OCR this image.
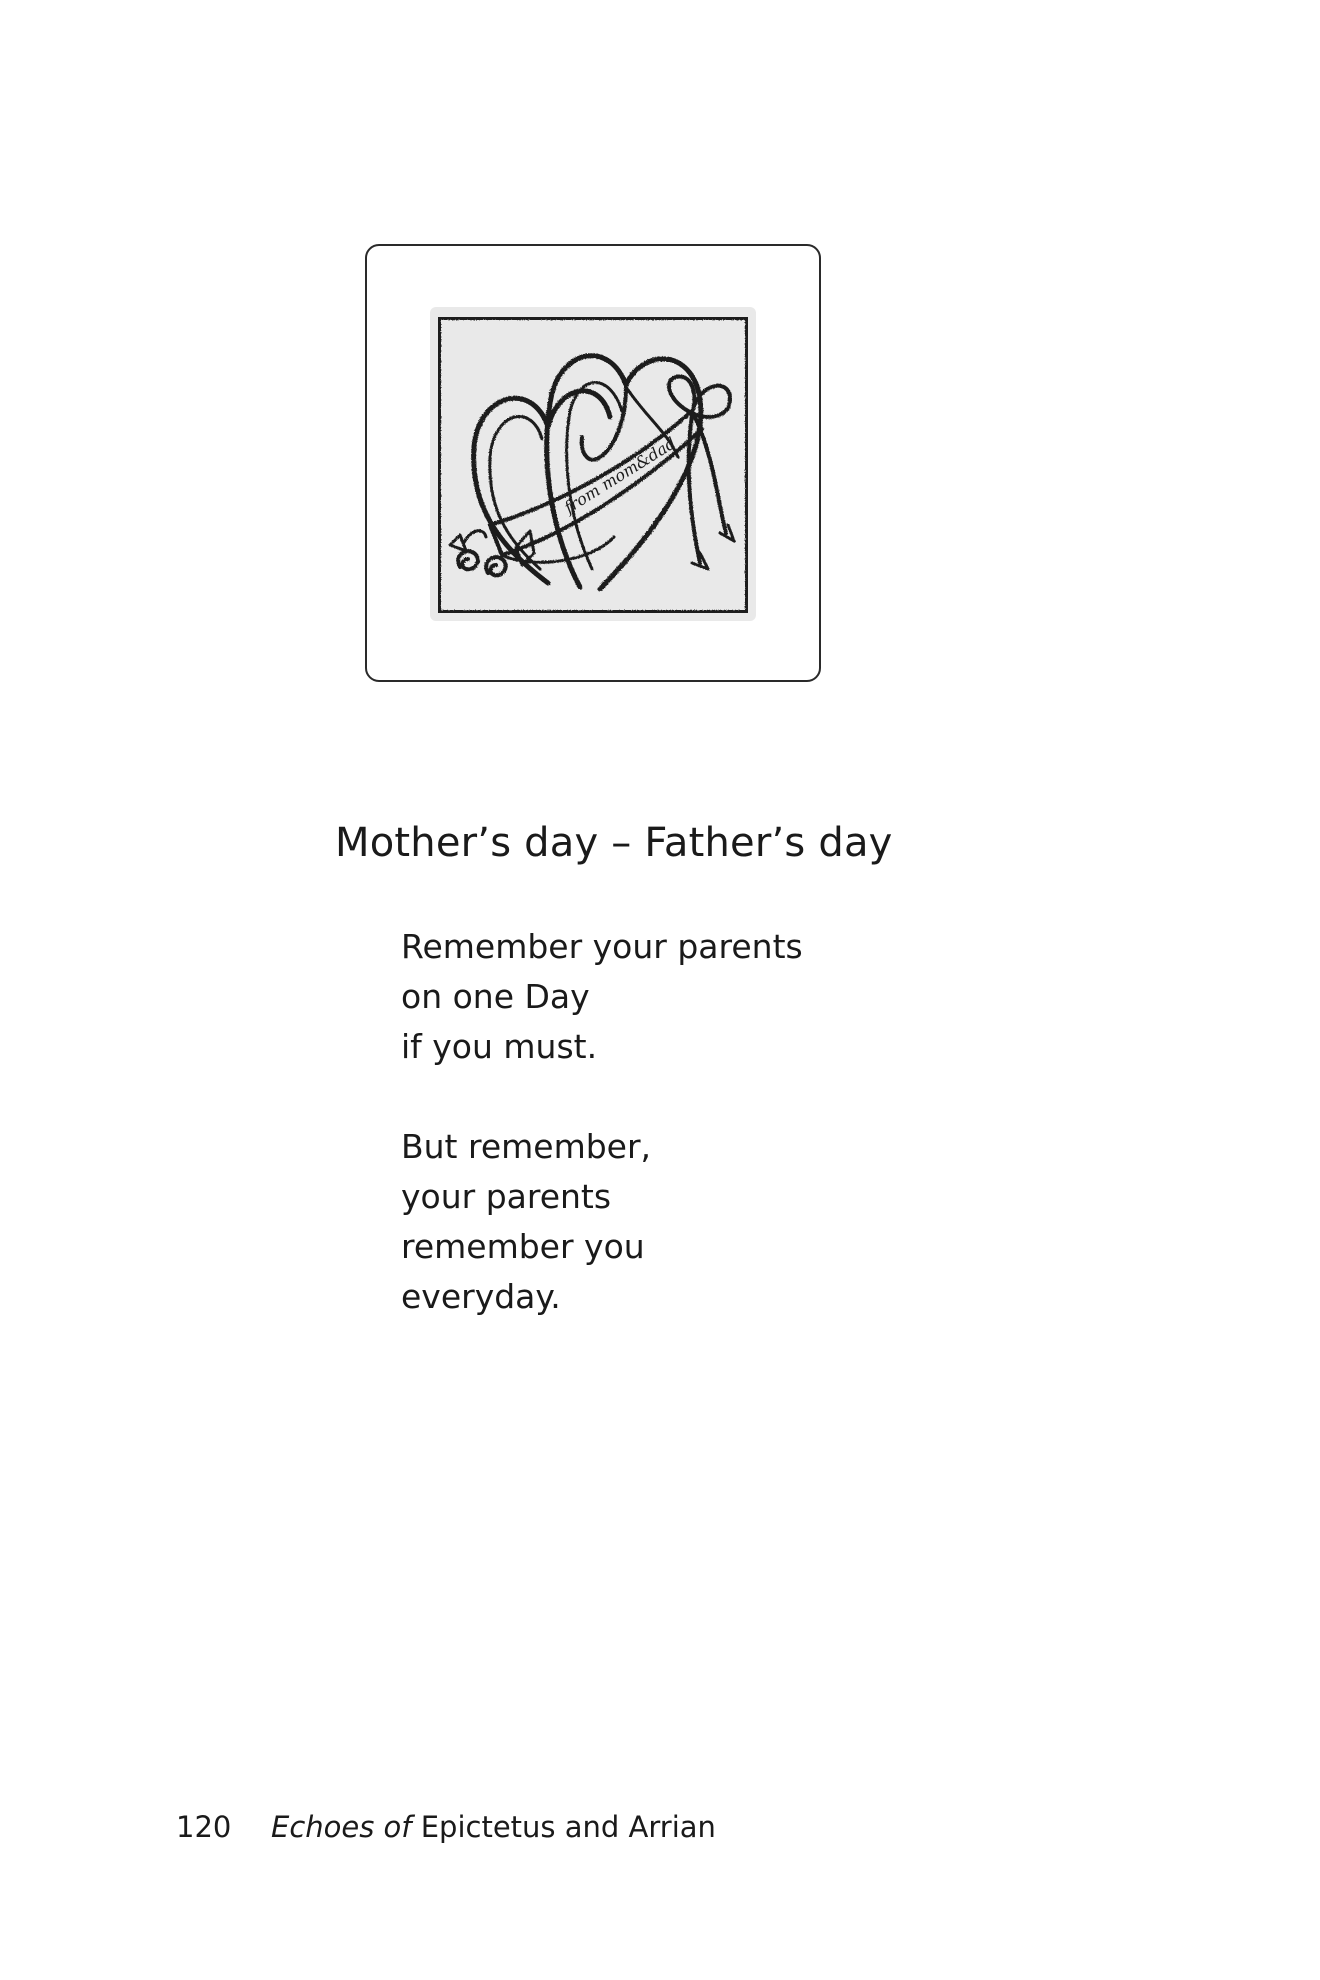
from mom&dad
Mother’s day – Father’s day
Remember your parents
on one Day
if you must.
But remember,
your parents
remember you
everyday.
120 Echoes of Epictetus and Arrian
